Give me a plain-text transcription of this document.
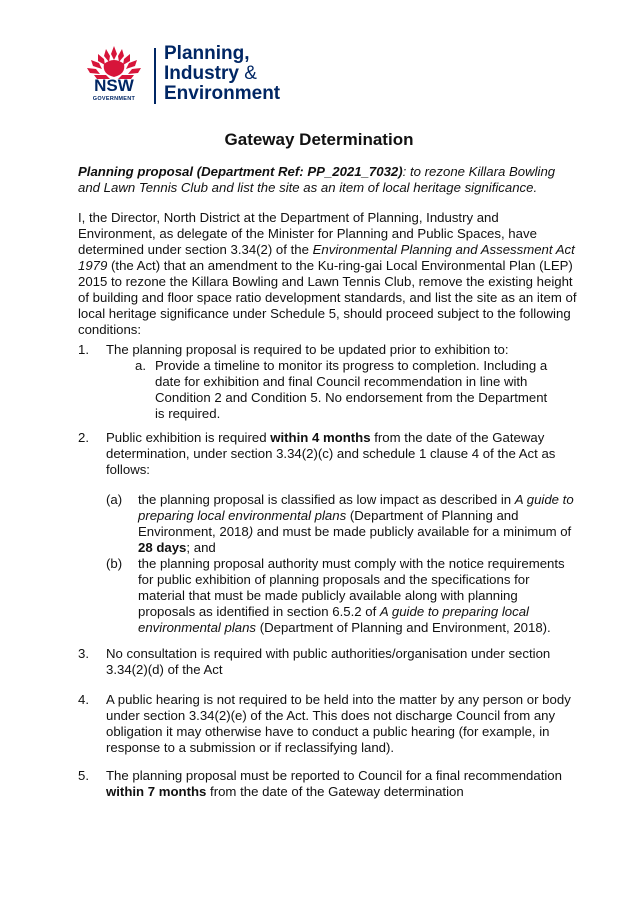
NSW
GOVERNMENT
Planning,
Industry &
Environment
Gateway Determination
Planning proposal (Department Ref: PP_2021_7032): to rezone Killara Bowling and Lawn Tennis Club and list the site as an item of local heritage significance.
I, the Director, North District at the Department of Planning, Industry and Environment, as delegate of the Minister for Planning and Public Spaces, have determined under section 3.34(2) of the Environmental Planning and Assessment Act 1979 (the Act) that an amendment to the Ku-ring-gai Local Environmental Plan (LEP) 2015 to rezone the Killara Bowling and Lawn Tennis Club, remove the existing height of building and floor space ratio development standards, and list the site as an item of local heritage significance under Schedule 5, should proceed subject to the following conditions:
1.	The planning proposal is required to be updated prior to exhibition to:
a. Provide a timeline to monitor its progress to completion. Including a date for exhibition and final Council recommendation in line with Condition 2 and Condition 5. No endorsement from the Department is required.
2.	Public exhibition is required within 4 months from the date of the Gateway determination, under section 3.34(2)(c) and schedule 1 clause 4 of the Act as follows:
(a)	the planning proposal is classified as low impact as described in A guide to preparing local environmental plans (Department of Planning and Environment, 2018) and must be made publicly available for a minimum of 28 days; and
(b)	the planning proposal authority must comply with the notice requirements for public exhibition of planning proposals and the specifications for material that must be made publicly available along with planning proposals as identified in section 6.5.2 of A guide to preparing local environmental plans (Department of Planning and Environment, 2018).
3.	No consultation is required with public authorities/organisation under section 3.34(2)(d) of the Act
4.	A public hearing is not required to be held into the matter by any person or body under section 3.34(2)(e) of the Act. This does not discharge Council from any obligation it may otherwise have to conduct a public hearing (for example, in response to a submission or if reclassifying land).
5.	The planning proposal must be reported to Council for a final recommendation within 7 months from the date of the Gateway determination
